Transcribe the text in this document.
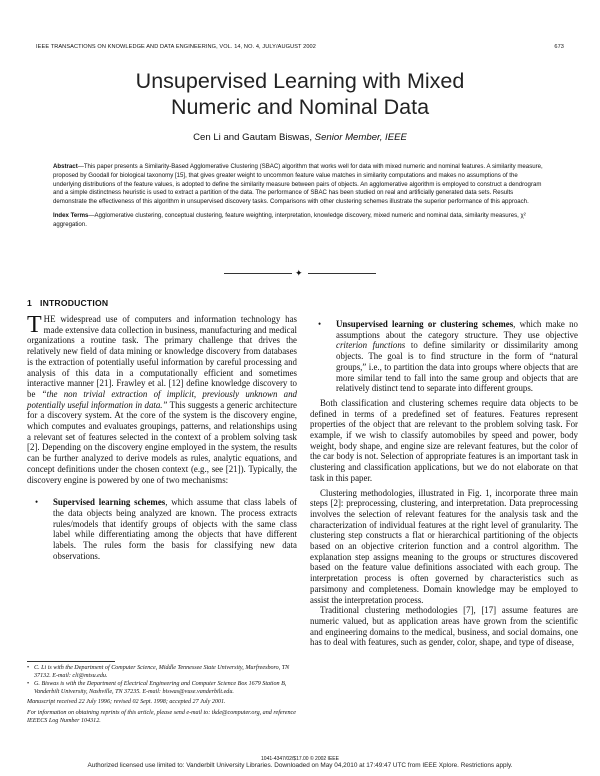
IEEE TRANSACTIONS ON KNOWLEDGE AND DATA ENGINEERING, VOL. 14, NO. 4, JULY/AUGUST 2002	673
Unsupervised Learning with Mixed
Numeric and Nominal Data
Cen Li and Gautam Biswas, Senior Member, IEEE

Abstract—This paper presents a Similarity-Based Agglomerative Clustering (SBAC) algorithm that works well for data with mixed numeric and nominal features. A similarity measure, proposed by Goodall for biological taxonomy [15], that gives greater weight to uncommon feature value matches in similarity computations and makes no assumptions of the underlying distributions of the feature values, is adopted to define the similarity measure between pairs of objects. An agglomerative algorithm is employed to construct a dendrogram and a simple distinctness heuristic is used to extract a partition of the data. The performance of SBAC has been studied on real and artificially generated data sets. Results demonstrate the effectiveness of this algorithm in unsupervised discovery tasks. Comparisons with other clustering schemes illustrate the superior performance of this approach.

Index Terms—Agglomerative clustering, conceptual clustering, feature weighting, interpretation, knowledge discovery, mixed numeric and nominal data, similarity measures, χ² aggregation.

✦
1 INTRODUCTION

THE widespread use of computers and information technology has made extensive data collection in business, manufacturing and medical organizations a routine task. The primary challenge that drives the relatively new field of data mining or knowledge discovery from databases is the extraction of potentially useful information by careful processing and analysis of this data in a computationally efficient and sometimes interactive manner [21]. Frawley et al. [12] define knowledge discovery to be “the non trivial extraction of implicit, previously unknown and potentially useful information in data.” This suggests a generic architecture for a discovery system. At the core of the system is the discovery engine, which computes and evaluates groupings, patterns, and relationships using a relevant set of features selected in the context of a problem solving task [2]. Depending on the discovery engine employed in the system, the results can be further analyzed to derive models as rules, analytic equations, and concept definitions under the chosen context (e.g., see [21]). Typically, the discovery engine is powered by one of two mechanisms:

• Supervised learning schemes, which assume that class labels of the data objects being analyzed are known. The process extracts rules/models that identify groups of objects with the same class label while differentiating among the objects that have different labels. The rules form the basis for classifying new data observations.
• Unsupervised learning or clustering schemes, which make no assumptions about the category structure. They use objective criterion functions to define similarity or dissimilarity among objects. The goal is to find structure in the form of “natural groups,” i.e., to partition the data into groups where objects that are more similar tend to fall into the same group and objects that are relatively distinct tend to separate into different groups.

Both classification and clustering schemes require data objects to be defined in terms of a predefined set of features. Features represent properties of the object that are relevant to the problem solving task. For example, if we wish to classify automobiles by speed and power, body weight, body shape, and engine size are relevant features, but the color of the car body is not. Selection of appropriate features is an important task in clustering and classification applications, but we do not elaborate on that task in this paper.

Clustering methodologies, illustrated in Fig. 1, incorporate three main steps [2]: preprocessing, clustering, and interpretation. Data preprocessing involves the selection of relevant features for the analysis task and the characterization of individual features at the right level of granularity. The clustering step constructs a flat or hierarchical partitioning of the objects based on an objective criterion function and a control algorithm. The explanation step assigns meaning to the groups or structures discovered based on the feature value definitions associated with each group. The interpretation process is often governed by characteristics such as parsimony and completeness. Domain knowledge may be employed to assist the interpretation process.

Traditional clustering methodologies [7], [17] assume features are numeric valued, but as application areas have grown from the scientific and engineering domains to the medical, business, and social domains, one has to deal with features, such as gender, color, shape, and type of disease,

• C. Li is with the Department of Computer Science, Middle Tennessee State University, Murfreesboro, TN 37132. E-mail: cli@mtsu.edu.

• G. Biswas is with the Department of Electrical Engineering and Computer Science Box 1679 Station B, Vanderbilt University, Nashville, TN 37235. E-mail: biswas@vuse.vanderbilt.edu.

Manuscript received 22 July 1996; revised 02 Sept. 1998; accepted 27 July 2001.

For information on obtaining reprints of this article, please send e-mail to: tkde@computer.org, and reference IEEECS Log Number 104312.

1041-4347/02/$17.00 © 2002 IEEE
Authorized licensed use limited to: Vanderbilt University Libraries. Downloaded on May 04,2010 at 17:49:47 UTC from IEEE Xplore. Restrictions apply.
